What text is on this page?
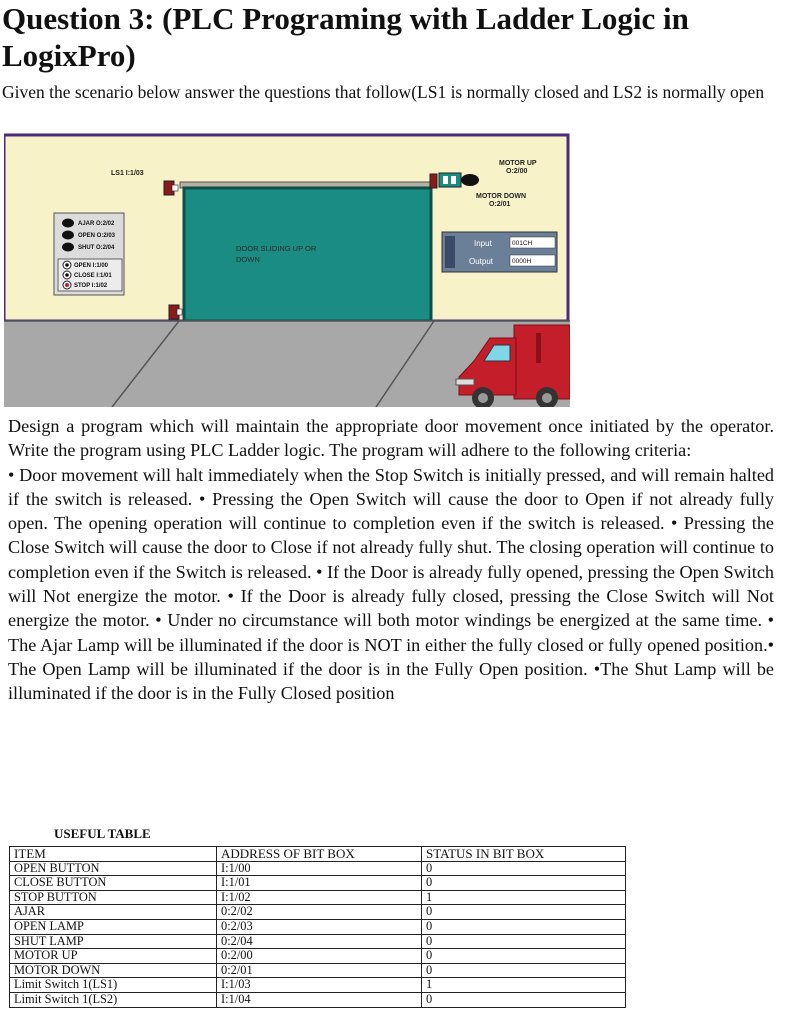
Question 3: (PLC Programing with Ladder Logic in LogixPro)
Given the scenario below answer the questions that follow(LS1 is normally closed and LS2 is normally open
DOOR SLIDING UP OR
DOWN
LS1 I:1/03
MOTOR UP
O:2/00
MOTOR DOWN
O:2/01
AJAR O:2/02
OPEN O:2/03
SHUT O:2/04
OPEN I:1/00
CLOSE I:1/01
STOP I:1/02
Input	001CH
Output	0000H

Design a program which will maintain the appropriate door movement once initiated by the operator. Write the program using PLC Ladder logic. The program will adhere to the following criteria:

• Door movement will halt immediately when the Stop Switch is initially pressed, and will remain halted if the switch is released. • Pressing the Open Switch will cause the door to Open if not already fully open. The opening operation will continue to completion even if the switch is released. • Pressing the Close Switch will cause the door to Close if not already fully shut. The closing operation will continue to completion even if the Switch is released. • If the Door is already fully opened, pressing the Open Switch will Not energize the motor. • If the Door is already fully closed, pressing the Close Switch will Not energize the motor. • Under no circumstance will both motor windings be energized at the same time. • The Ajar Lamp will be illuminated if the door is NOT in either the fully closed or fully opened position.• The Open Lamp will be illuminated if the door is in the Fully Open position. •The Shut Lamp will be illuminated if the door is in the Fully Closed position

USEFUL TABLE
ITEM	ADDRESS OF BIT BOX	STATUS IN BIT BOX
OPEN BUTTON	I:1/00	0
CLOSE BUTTON	I:1/01	0
STOP BUTTON	I:1/02	1
AJAR	0:2/02	0
OPEN LAMP	0:2/03	0
SHUT LAMP	0:2/04	0
MOTOR UP	0:2/00	0
MOTOR DOWN	0:2/01	0
Limit Switch 1(LS1)	I:1/03	1
Limit Switch 1(LS2)	I:1/04	0
